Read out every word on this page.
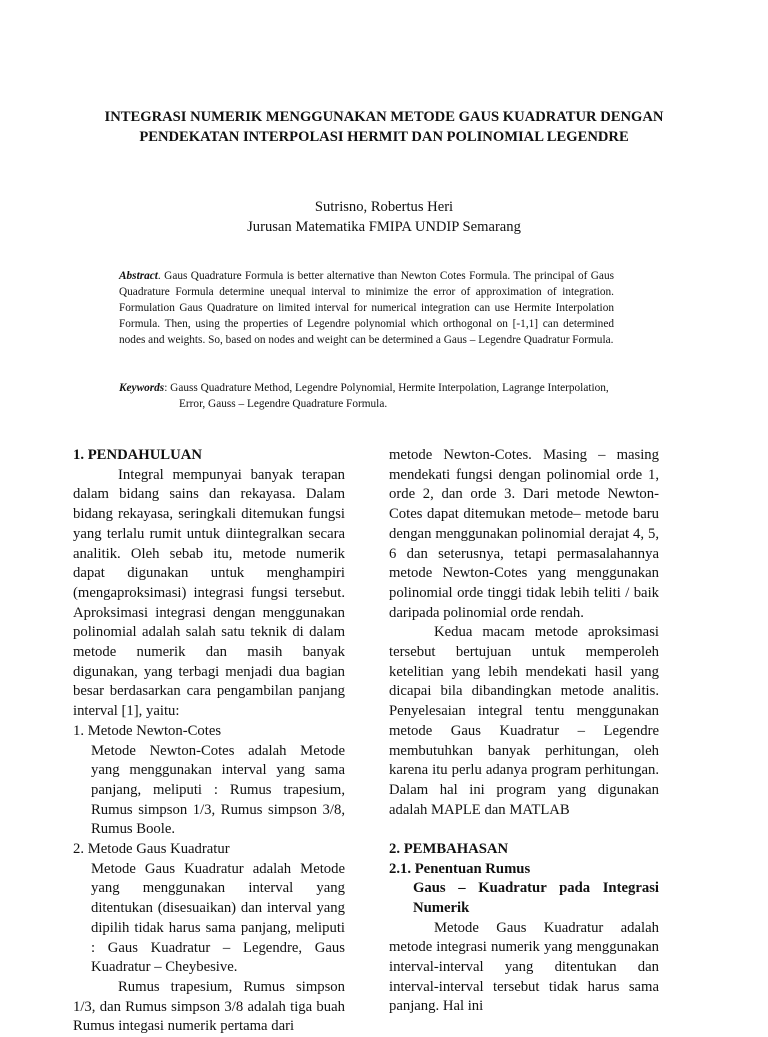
INTEGRASI NUMERIK MENGGUNAKAN METODE GAUS KUADRATUR DENGAN PENDEKATAN INTERPOLASI HERMIT DAN POLINOMIAL LEGENDRE
Sutrisno, Robertus Heri
Jurusan Matematika FMIPA UNDIP Semarang
Abstract. Gaus Quadrature Formula is better alternative than Newton Cotes Formula. The principal of Gaus Quadrature Formula determine unequal interval to minimize the error of approximation of integration. Formulation Gaus Quadrature on limited interval for numerical integration can use Hermite Interpolation Formula. Then, using the properties of Legendre polynomial which orthogonal on [-1,1] can determined nodes and weights. So, based on nodes and weight can be determined a Gaus – Legendre Quadratur Formula.
Keywords: Gauss Quadrature Method, Legendre Polynomial, Hermite Interpolation, Lagrange Interpolation, Error, Gauss – Legendre Quadrature Formula.

1. PENDAHULUAN

Integral mempunyai banyak terapan dalam bidang sains dan rekayasa. Dalam bidang rekayasa, seringkali ditemukan fungsi yang terlalu rumit untuk diintegralkan secara analitik. Oleh sebab itu, metode numerik dapat digunakan untuk menghampiri (mengaproksimasi) integrasi fungsi tersebut. Aproksimasi integrasi dengan menggunakan polinomial adalah salah satu teknik di dalam metode numerik dan masih banyak digunakan, yang terbagi menjadi dua bagian besar berdasarkan cara pengambilan panjang interval [1], yaitu:

1. Metode Newton-Cotes

Metode Newton-Cotes adalah Metode yang menggunakan interval yang sama panjang, meliputi : Rumus trapesium, Rumus simpson 1/3, Rumus simpson 3/8, Rumus Boole.

2. Metode Gaus Kuadratur

Metode Gaus Kuadratur adalah Metode yang menggunakan interval yang ditentukan (disesuaikan) dan interval yang dipilih tidak harus sama panjang, meliputi : Gaus Kuadratur – Legendre, Gaus Kuadratur – Cheybesive.

Rumus trapesium, Rumus simpson 1/3, dan Rumus simpson 3/8 adalah tiga buah Rumus integasi numerik pertama dari

metode Newton-Cotes. Masing – masing mendekati fungsi dengan polinomial orde 1, orde 2, dan orde 3. Dari metode Newton-Cotes dapat ditemukan metode– metode baru dengan menggunakan polinomial derajat 4, 5, 6 dan seterusnya, tetapi permasalahannya metode Newton-Cotes yang menggunakan polinomial orde tinggi tidak lebih teliti / baik daripada polinomial orde rendah.

Kedua macam metode aproksimasi tersebut bertujuan untuk memperoleh ketelitian yang lebih mendekati hasil yang dicapai bila dibandingkan metode analitis. Penyelesaian integral tentu menggunakan metode Gaus Kuadratur – Legendre membutuhkan banyak perhitungan, oleh karena itu perlu adanya program perhitungan. Dalam hal ini program yang digunakan adalah MAPLE dan MATLAB

2. PEMBAHASAN

2.1. Penentuan Rumus

Gaus – Kuadratur pada Integrasi Numerik

Metode Gaus Kuadratur adalah metode integrasi numerik yang menggunakan interval-interval yang ditentukan dan interval-interval tersebut tidak harus sama panjang. Hal ini
